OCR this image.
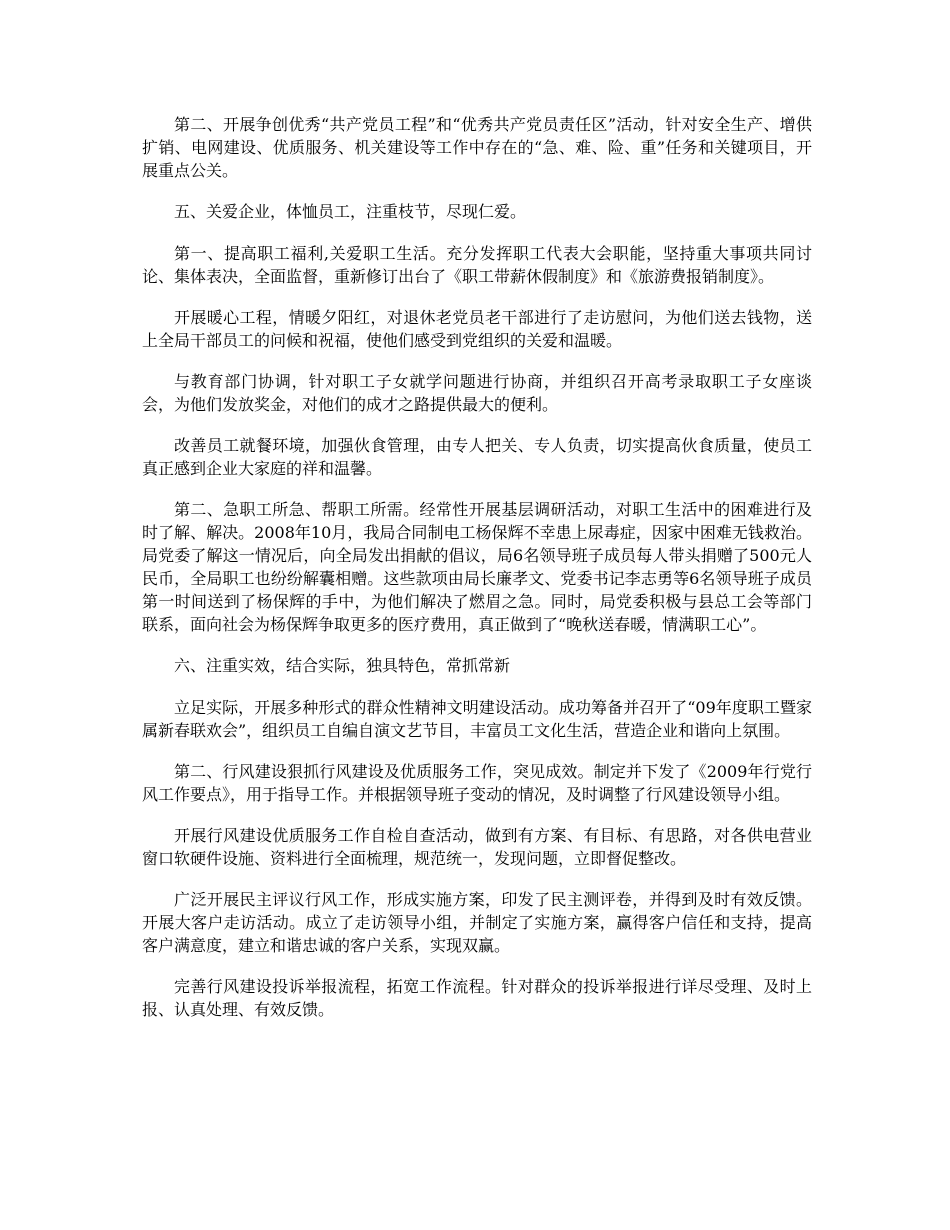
第二、开展争创优秀“共产党员工程”和“优秀共产党员责任区”活动，针对安全生产、增供扩销、电网建设、优质服务、机关建设等工作中存在的“急、难、险、重”任务和关键项目，开展重点公关。

五、关爱企业，体恤员工，注重枝节，尽现仁爱。

第一、提高职工福利,关爱职工生活。充分发挥职工代表大会职能，坚持重大事项共同讨论、集体表决，全面监督，重新修订出台了《职工带薪休假制度》和《旅游费报销制度》。

开展暖心工程，情暖夕阳红，对退休老党员老干部进行了走访慰问，为他们送去钱物，送上全局干部员工的问候和祝福，使他们感受到党组织的关爱和温暖。

与教育部门协调，针对职工子女就学问题进行协商，并组织召开高考录取职工子女座谈会，为他们发放奖金，对他们的成才之路提供最大的便利。

改善员工就餐环境，加强伙食管理，由专人把关、专人负责，切实提高伙食质量，使员工真正感到企业大家庭的祥和温馨。

第二、急职工所急、帮职工所需。经常性开展基层调研活动，对职工生活中的困难进行及时了解、解决。2008年10月，我局合同制电工杨保辉不幸患上尿毒症，因家中困难无钱救治。局党委了解这一情况后，向全局发出捐献的倡议，局6名领导班子成员每人带头捐赠了500元人民币，全局职工也纷纷解囊相赠。这些款项由局长廉孝文、党委书记李志勇等6名领导班子成员第一时间送到了杨保辉的手中，为他们解决了燃眉之急。同时，局党委积极与县总工会等部门联系，面向社会为杨保辉争取更多的医疗费用，真正做到了“晚秋送春暖，情满职工心”。

六、注重实效，结合实际，独具特色，常抓常新

立足实际，开展多种形式的群众性精神文明建设活动。成功筹备并召开了“09年度职工暨家属新春联欢会”，组织员工自编自演文艺节目，丰富员工文化生活，营造企业和谐向上氛围。

第二、行风建设狠抓行风建设及优质服务工作，突见成效。制定并下发了《2009年行党行风工作要点》，用于指导工作。并根据领导班子变动的情况，及时调整了行风建设领导小组。

开展行风建设优质服务工作自检自查活动，做到有方案、有目标、有思路，对各供电营业窗口软硬件设施、资料进行全面梳理，规范统一，发现问题，立即督促整改。

广泛开展民主评议行风工作，形成实施方案，印发了民主测评卷，并得到及时有效反馈。开展大客户走访活动。成立了走访领导小组，并制定了实施方案，赢得客户信任和支持，提高客户满意度，建立和谐忠诚的客户关系，实现双赢。

完善行风建设投诉举报流程，拓宽工作流程。针对群众的投诉举报进行详尽受理、及时上报、认真处理、有效反馈。
